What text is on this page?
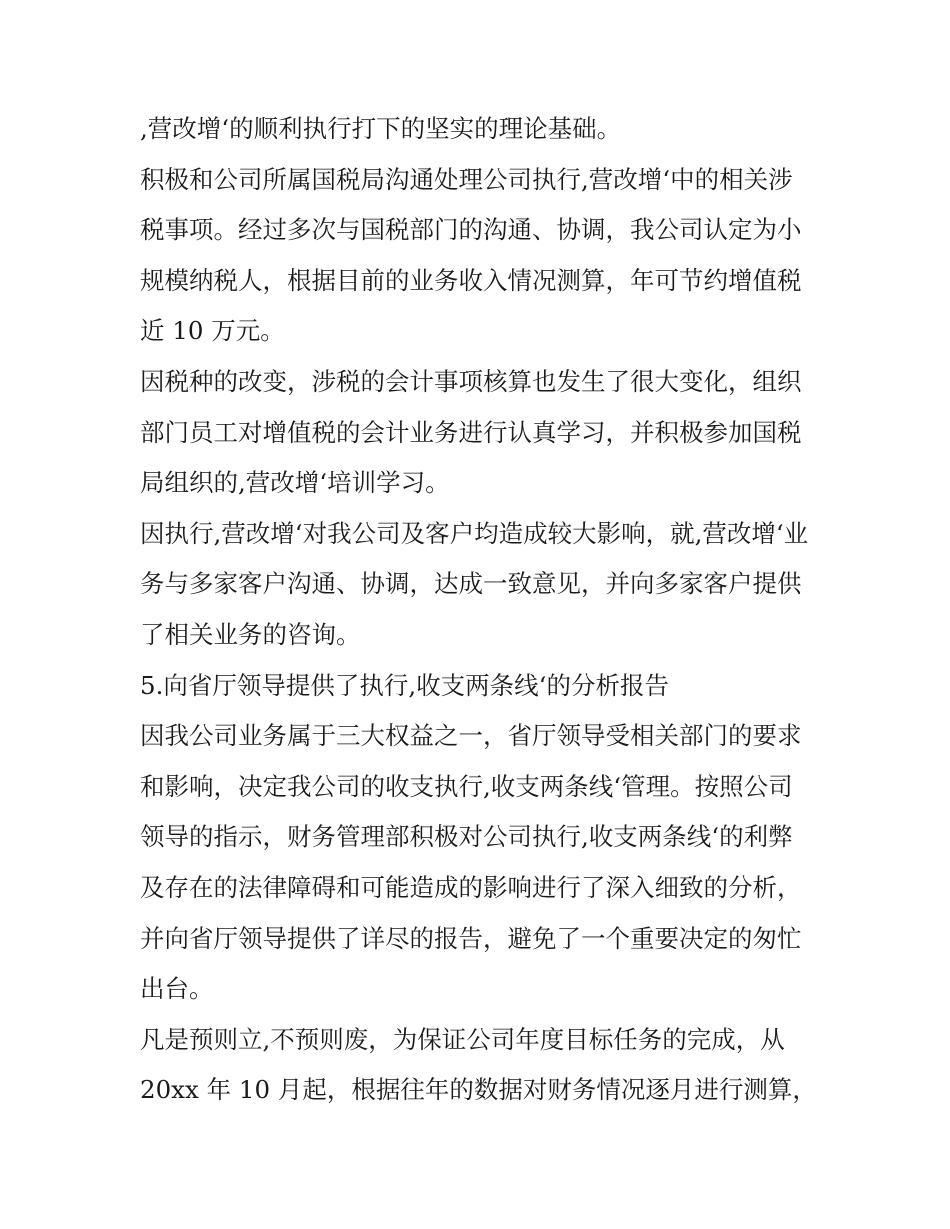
,营改增‘的顺利执行打下的坚实的理论基础。
积极和公司所属国税局沟通处理公司执行,营改增‘中的相关涉
税事项。经过多次与国税部门的沟通、协调，我公司认定为小
规模纳税人，根据目前的业务收入情况测算，年可节约增值税
近 10 万元。
因税种的改变，涉税的会计事项核算也发生了很大变化，组织
部门员工对增值税的会计业务进行认真学习，并积极参加国税
局组织的,营改增‘培训学习。
因执行,营改增‘对我公司及客户均造成较大影响，就,营改增‘业
务与多家客户沟通、协调，达成一致意见，并向多家客户提供
了相关业务的咨询。
5.向省厅领导提供了执行,收支两条线‘的分析报告
因我公司业务属于三大权益之一，省厅领导受相关部门的要求
和影响，决定我公司的收支执行,收支两条线‘管理。按照公司
领导的指示，财务管理部积极对公司执行,收支两条线‘的利弊
及存在的法律障碍和可能造成的影响进行了深入细致的分析，
并向省厅领导提供了详尽的报告，避免了一个重要决定的匆忙
出台。
凡是预则立,不预则废，为保证公司年度目标任务的完成，从
20xx 年 10 月起，根据往年的数据对财务情况逐月进行测算，
